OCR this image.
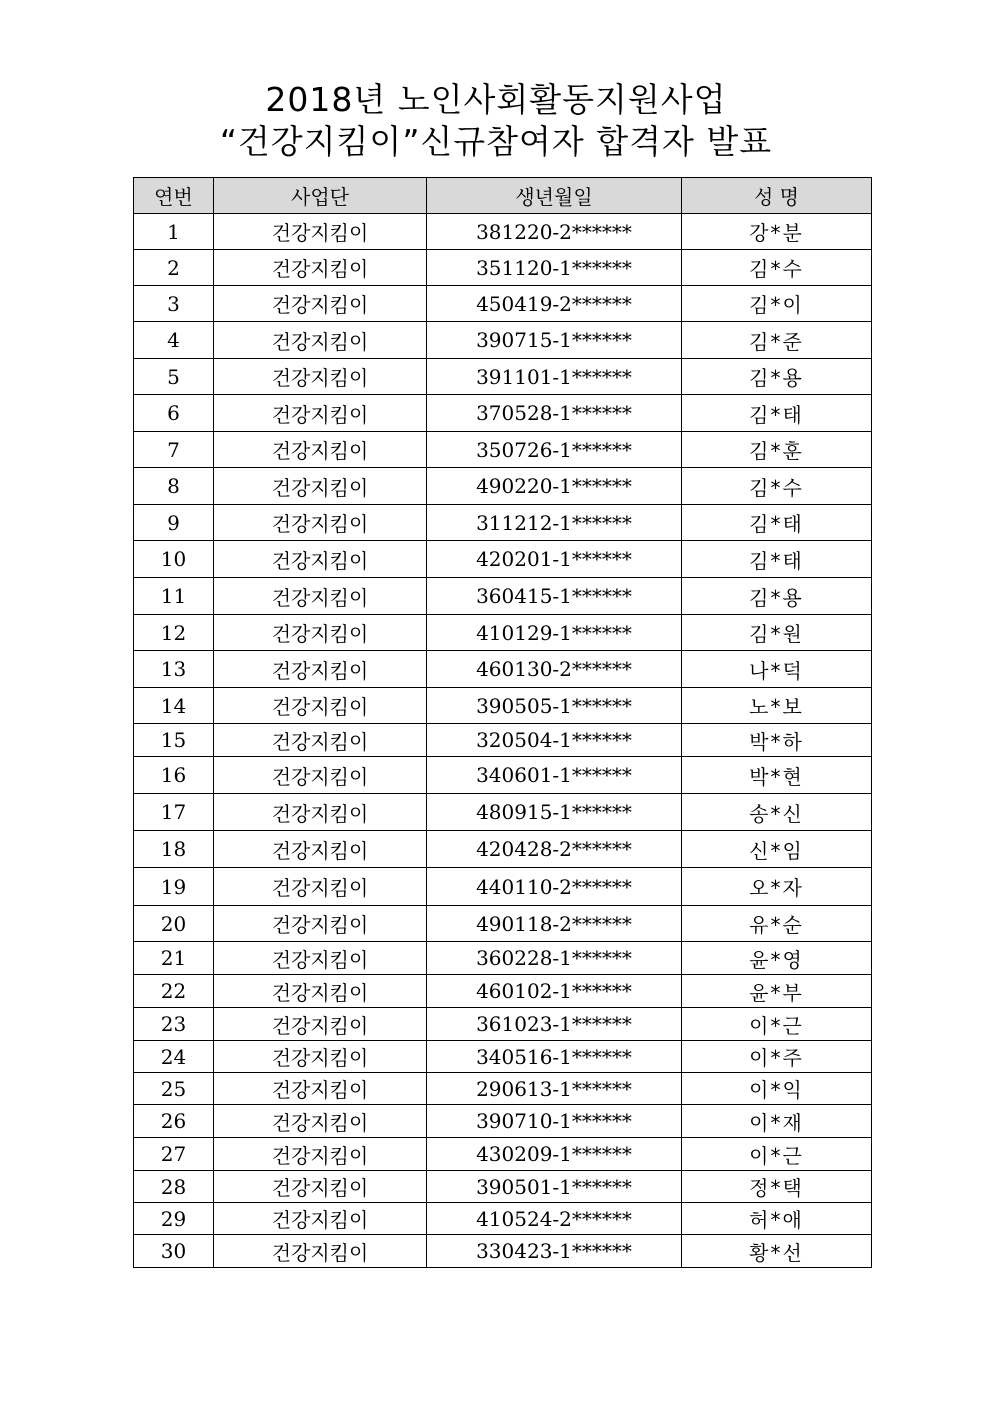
2018년 노인사회활동지원사업
“건강지킴이”신규참여자 합격자 발표
연번	사업단	생년월일	성 명
1	건강지킴이	381220-2******	강*분
2	건강지킴이	351120-1******	김*수
3	건강지킴이	450419-2******	김*이
4	건강지킴이	390715-1******	김*준
5	건강지킴이	391101-1******	김*용
6	건강지킴이	370528-1******	김*태
7	건강지킴이	350726-1******	김*훈
8	건강지킴이	490220-1******	김*수
9	건강지킴이	311212-1******	김*태
10	건강지킴이	420201-1******	김*태
11	건강지킴이	360415-1******	김*용
12	건강지킴이	410129-1******	김*원
13	건강지킴이	460130-2******	나*덕
14	건강지킴이	390505-1******	노*보
15	건강지킴이	320504-1******	박*하
16	건강지킴이	340601-1******	박*현
17	건강지킴이	480915-1******	송*신
18	건강지킴이	420428-2******	신*임
19	건강지킴이	440110-2******	오*자
20	건강지킴이	490118-2******	유*순
21	건강지킴이	360228-1******	윤*영
22	건강지킴이	460102-1******	윤*부
23	건강지킴이	361023-1******	이*근
24	건강지킴이	340516-1******	이*주
25	건강지킴이	290613-1******	이*익
26	건강지킴이	390710-1******	이*재
27	건강지킴이	430209-1******	이*근
28	건강지킴이	390501-1******	정*택
29	건강지킴이	410524-2******	허*애
30	건강지킴이	330423-1******	황*선
